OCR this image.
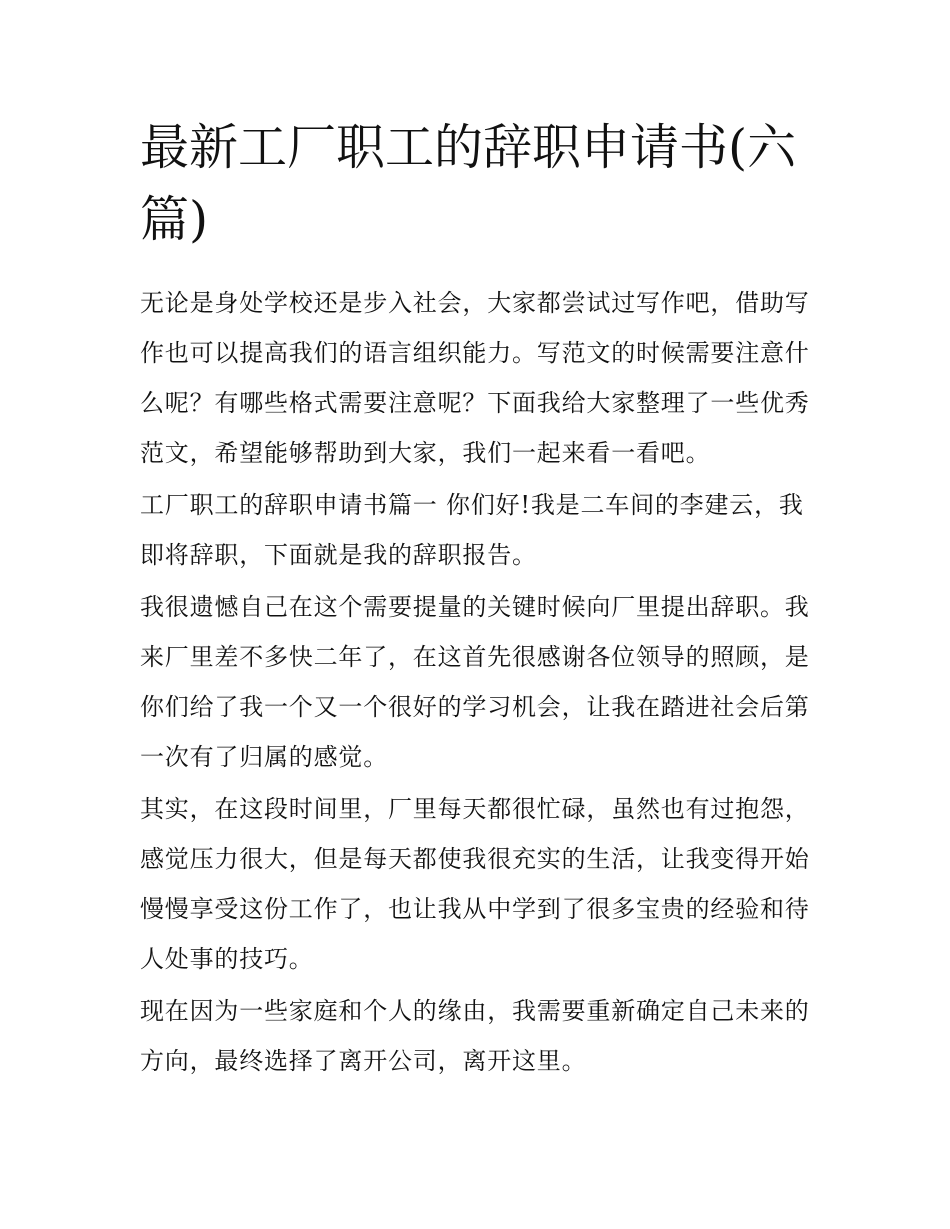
最新工厂职工的辞职申请书(六篇)

无论是身处学校还是步入社会，大家都尝试过写作吧，借助写作也可以提高我们的语言组织能力。写范文的时候需要注意什么呢？有哪些格式需要注意呢？下面我给大家整理了一些优秀范文，希望能够帮助到大家，我们一起来看一看吧。

工厂职工的辞职申请书篇一 你们好!我是二车间的李建云，我即将辞职，下面就是我的辞职报告。

我很遗憾自己在这个需要提量的关键时候向厂里提出辞职。我来厂里差不多快二年了，在这首先很感谢各位领导的照顾，是你们给了我一个又一个很好的学习机会，让我在踏进社会后第一次有了归属的感觉。

其实，在这段时间里，厂里每天都很忙碌，虽然也有过抱怨，感觉压力很大，但是每天都使我很充实的生活，让我变得开始慢慢享受这份工作了，也让我从中学到了很多宝贵的经验和待人处事的技巧。

现在因为一些家庭和个人的缘由，我需要重新确定自己未来的方向，最终选择了离开公司，离开这里。
